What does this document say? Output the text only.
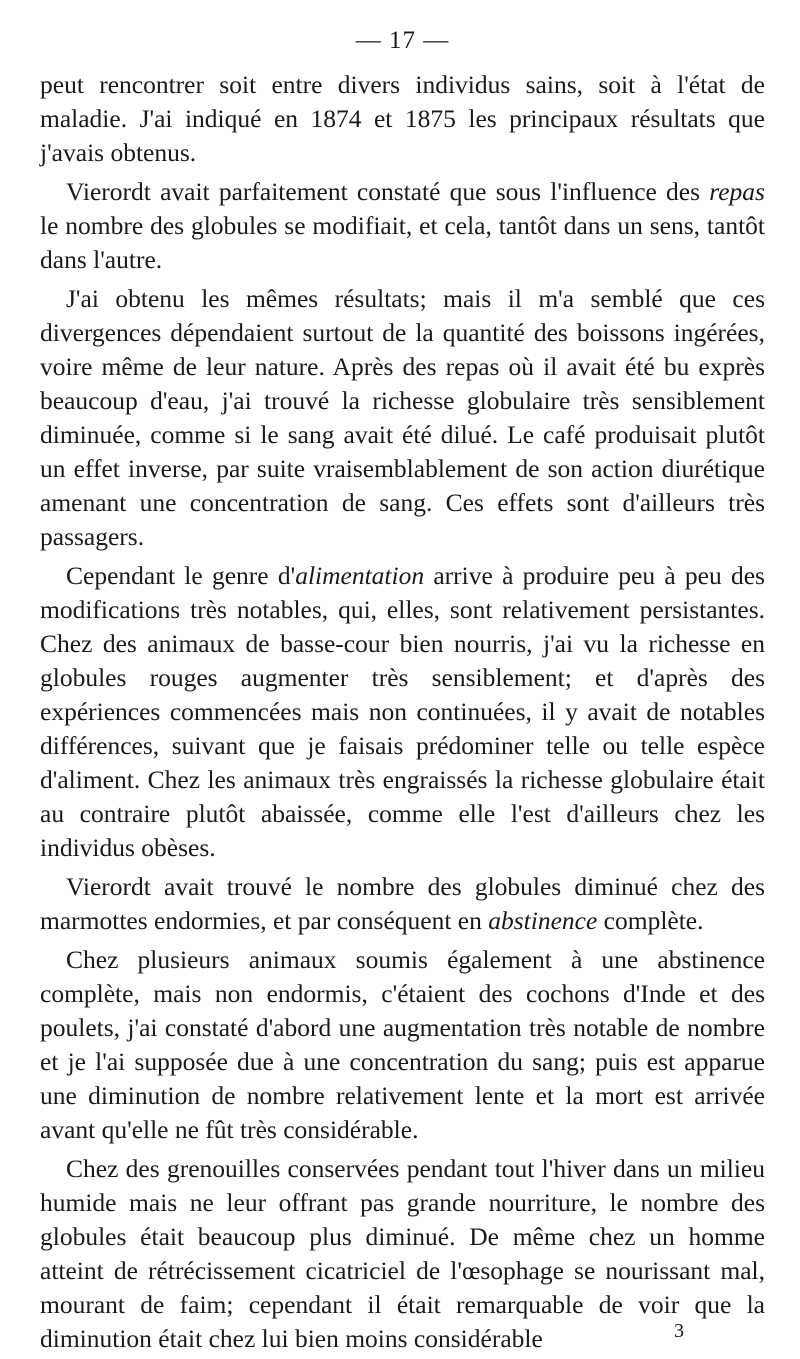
— 17 —

peut rencontrer soit entre divers individus sains, soit à l'état de maladie. J'ai indiqué en 1874 et 1875 les principaux résultats que j'avais obtenus.

Vierordt avait parfaitement constaté que sous l'influence des repas le nombre des globules se modifiait, et cela, tantôt dans un sens, tantôt dans l'autre.

J'ai obtenu les mêmes résultats; mais il m'a semblé que ces divergences dépendaient surtout de la quantité des boissons ingérées, voire même de leur nature. Après des repas où il avait été bu exprès beaucoup d'eau, j'ai trouvé la richesse globulaire très sensiblement diminuée, comme si le sang avait été dilué. Le café produisait plutôt un effet inverse, par suite vraisemblablement de son action diurétique amenant une concentration de sang. Ces effets sont d'ailleurs très passagers.

Cependant le genre d'alimentation arrive à produire peu à peu des modifications très notables, qui, elles, sont relativement persistantes. Chez des animaux de basse-cour bien nourris, j'ai vu la richesse en globules rouges augmenter très sensiblement; et d'après des expériences commencées mais non continuées, il y avait de notables différences, suivant que je faisais prédominer telle ou telle espèce d'aliment. Chez les animaux très engraissés la richesse globulaire était au contraire plutôt abaissée, comme elle l'est d'ailleurs chez les individus obèses.

Vierordt avait trouvé le nombre des globules diminué chez des marmottes endormies, et par conséquent en abstinence complète.

Chez plusieurs animaux soumis également à une abstinence complète, mais non endormis, c'étaient des cochons d'Inde et des poulets, j'ai constaté d'abord une augmentation très notable de nombre et je l'ai supposée due à une concentration du sang; puis est apparue une diminution de nombre relativement lente et la mort est arrivée avant qu'elle ne fût très considérable.

Chez des grenouilles conservées pendant tout l'hiver dans un milieu humide mais ne leur offrant pas grande nourriture, le nombre des globules était beaucoup plus diminué. De même chez un homme atteint de rétrécissement cicatriciel de l'œsophage se nourissant mal, mourant de faim; cependant il était remarquable de voir que la diminution était chez lui bien moins considérable	3
